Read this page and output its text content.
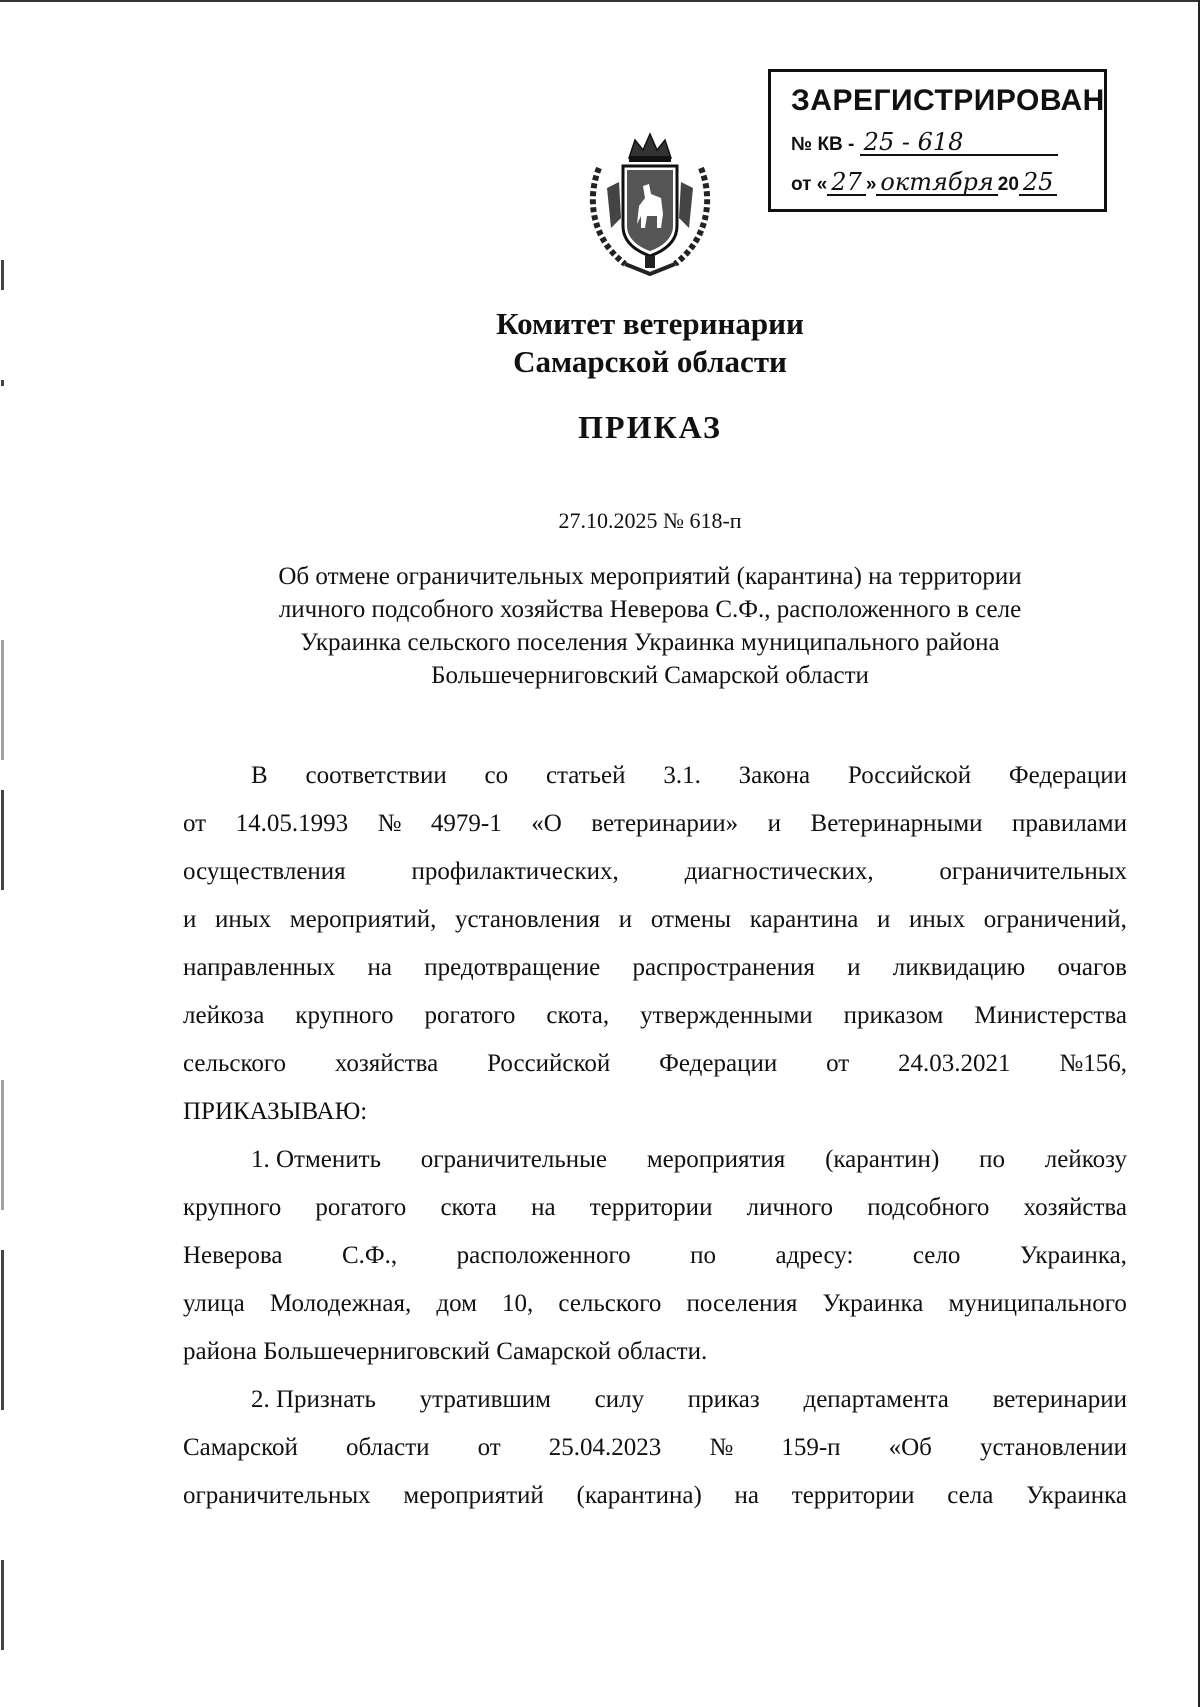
ЗАРЕГИСТРИРОВАН
№ КВ - 25 - 618
от « 27 » октября 20 25
Комитет ветеринарии
Самарской области
ПРИКАЗ
27.10.2025 № 618-п
Об отмене ограничительных мероприятий (карантина) на территории
личного подсобного хозяйства Неверова С.Ф., расположенного в селе
Украинка сельского поселения Украинка муниципального района
Большечерниговский Самарской области
В соответствии со статьей 3.1. Закона Российской Федерации
от 14.05.1993 № 4979-1 «О ветеринарии» и Ветеринарными правилами
осуществления	профилактических,	диагностических,	ограничительных
и иных мероприятий, установления и отмены карантина и иных ограничений,
направленных на предотвращение распространения и ликвидацию очагов
лейкоза крупного рогатого скота, утвержденными приказом Министерства
сельского хозяйства Российской Федерации от 24.03.2021 №156,
ПРИКАЗЫВАЮ:
1. Отменить ограничительные мероприятия (карантин) по лейкозу
крупного рогатого скота на территории личного подсобного хозяйства
Неверова С.Ф., расположенного по адресу: село Украинка,
улица Молодежная, дом 10, сельского поселения Украинка муниципального
района Большечерниговский Самарской области.
2. Признать утратившим силу приказ департамента ветеринарии
Самарской области от 25.04.2023 № 159-п «Об установлении
ограничительных мероприятий (карантина) на территории села Украинка
